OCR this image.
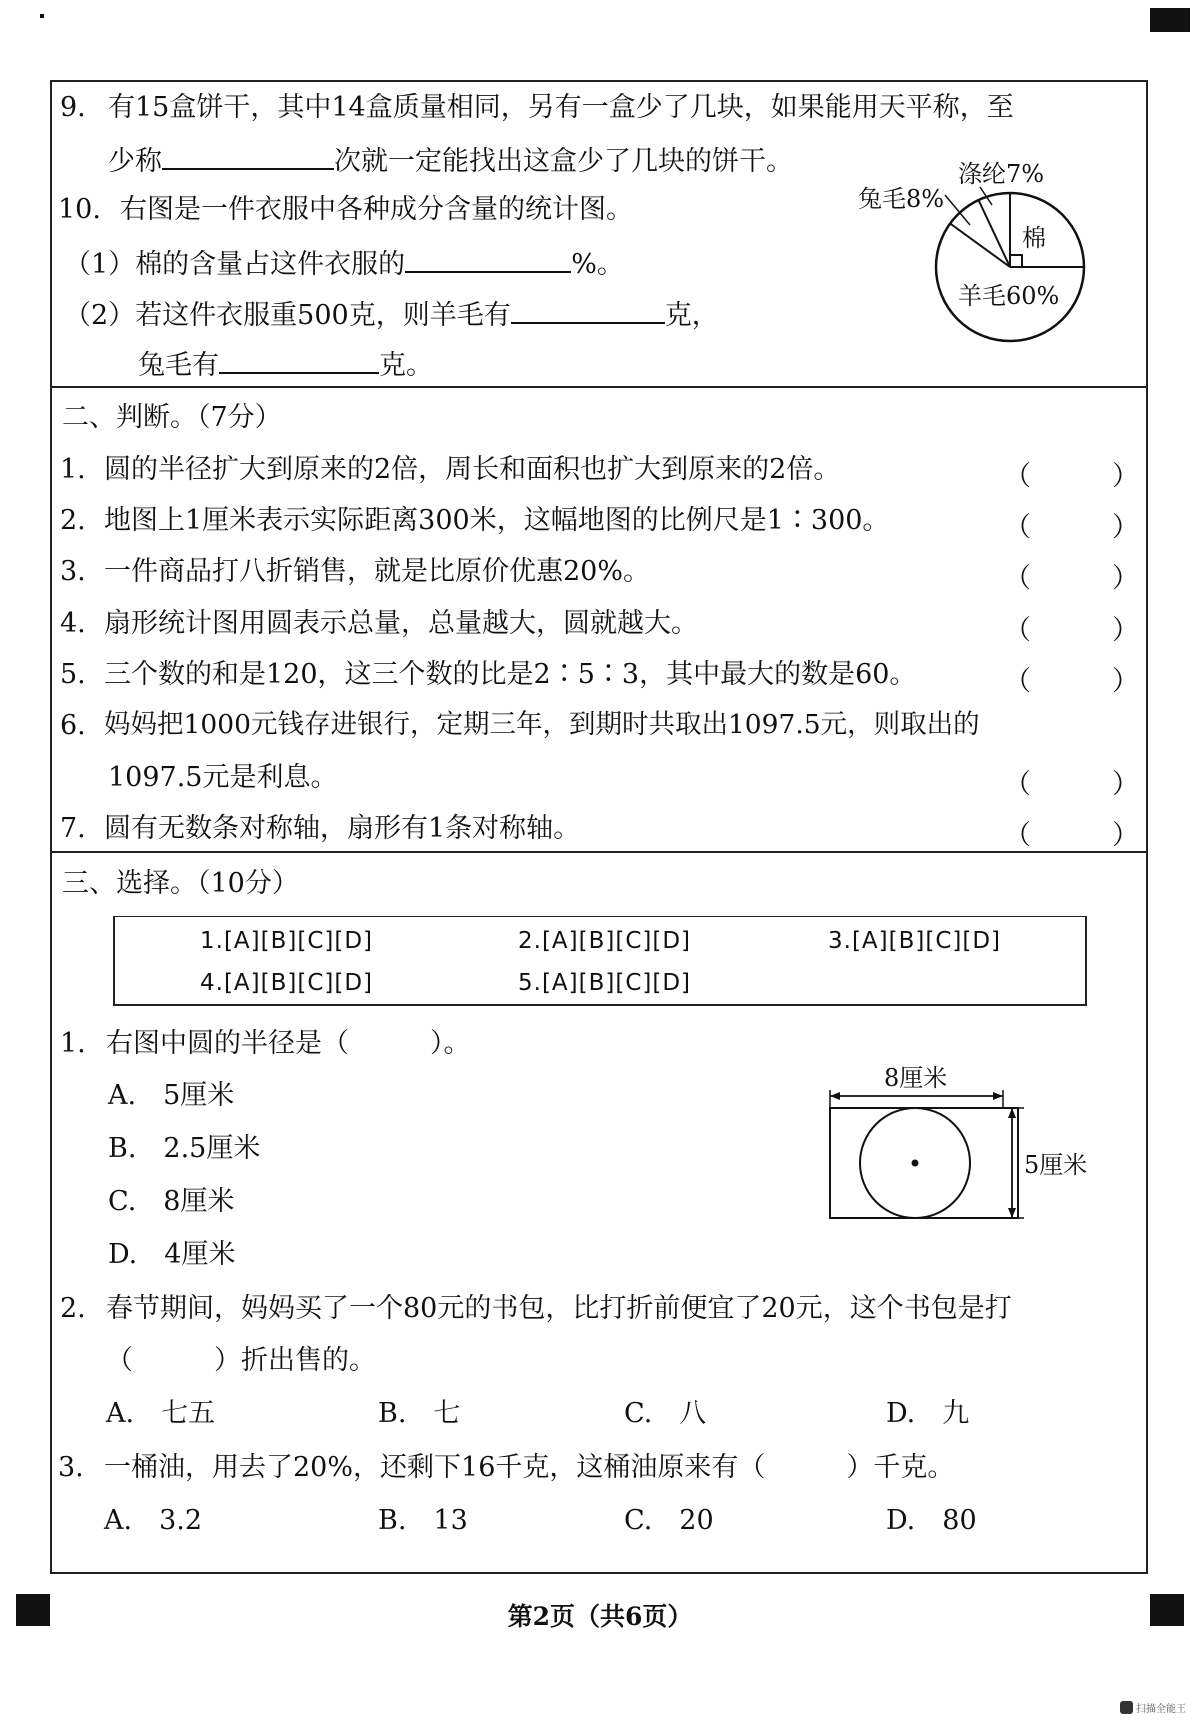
9. 有15盒饼干，其中14盒质量相同，另有一盒少了几块，如果能用天平称，至
少称	次就一定能找出这盒少了几块的饼干。
10. 右图是一件衣服中各种成分含量的统计图。
（1）棉的含量占这件衣服的	%。
（2）若这件衣服重500克，则羊毛有	克，
兔毛有	克。
涤纶7%
兔毛8%
棉
羊毛60%
二、判断。（7分）
1. 圆的半径扩大到原来的2倍，周长和面积也扩大到原来的2倍。	（　　　）
2. 地图上1厘米表示实际距离300米，这幅地图的比例尺是1∶300。	（　　　）
3. 一件商品打八折销售，就是比原价优惠20%。	（　　　）
4. 扇形统计图用圆表示总量，总量越大，圆就越大。	（　　　）
5. 三个数的和是120，这三个数的比是2∶5∶3，其中最大的数是60。	（　　　）
6. 妈妈把1000元钱存进银行，定期三年，到期时共取出1097.5元，则取出的
1097.5元是利息。	（　　　）
7. 圆有无数条对称轴，扇形有1条对称轴。	（　　　）
三、选择。（10分）
1.[A][B][C][D]	2.[A][B][C][D]	3.[A][B][C][D]
4.[A][B][C][D]	5.[A][B][C][D]
1. 右图中圆的半径是（　　　）。
A.　5厘米
B.　2.5厘米
C.　8厘米
D.　4厘米
8厘米
5厘米
2. 春节期间，妈妈买了一个80元的书包，比打折前便宜了20元，这个书包是打
（　　　）折出售的。
A.　七五	B.　七	C.　八	D.　九
3. 一桶油，用去了20%，还剩下16千克，这桶油原来有（　　　）千克。
A.　3.2	B.　13	C.　20	D.　80
第2页（共6页）
扫描全能王
